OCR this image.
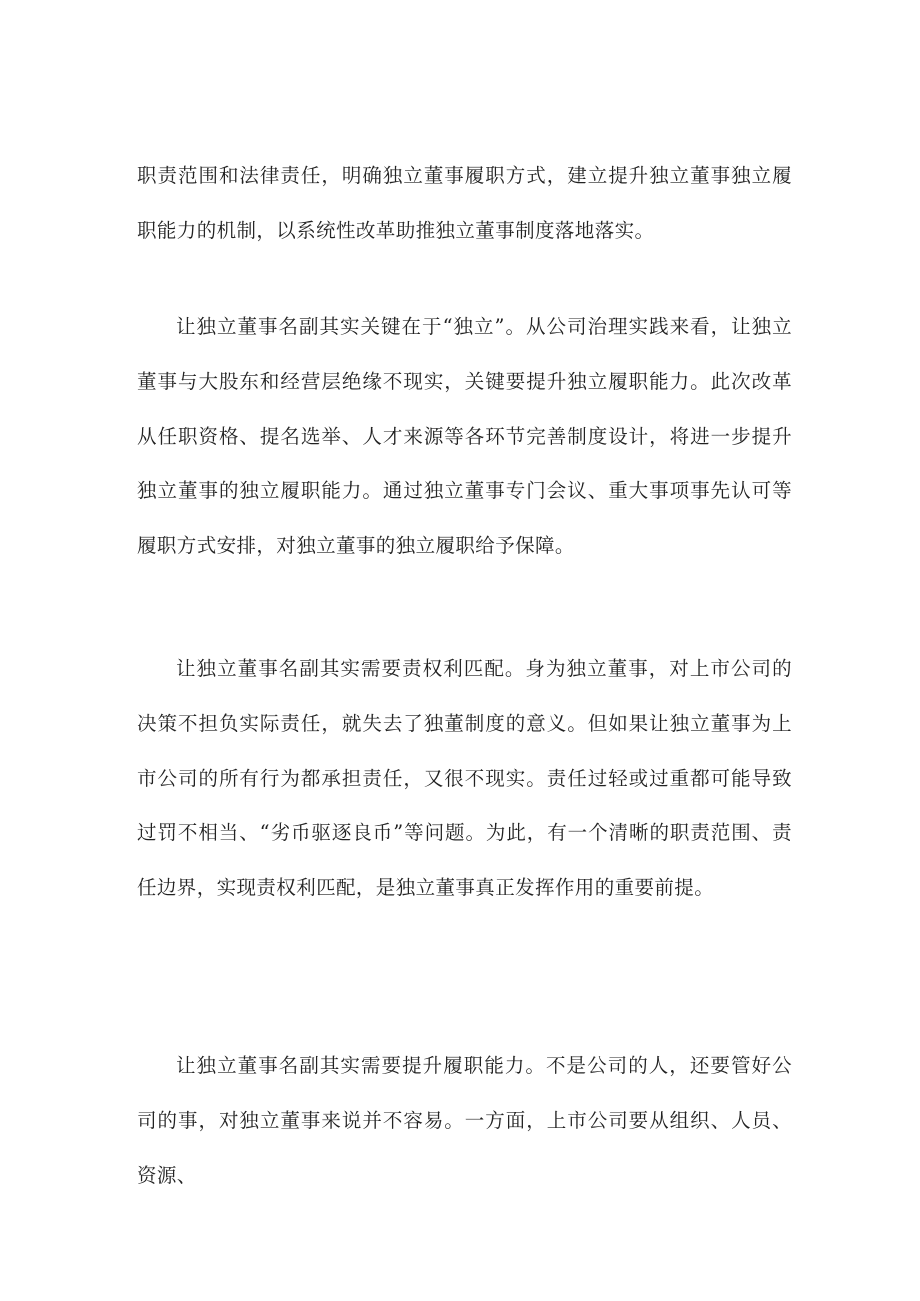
职责范围和法律责任，明确独立董事履职方式，建立提升独立董事独立履职能力的机制，以系统性改革助推独立董事制度落地落实。

让独立董事名副其实关键在于“独立”。从公司治理实践来看，让独立董事与大股东和经营层绝缘不现实，关键要提升独立履职能力。此次改革从任职资格、提名选举、人才来源等各环节完善制度设计，将进一步提升独立董事的独立履职能力。通过独立董事专门会议、重大事项事先认可等履职方式安排，对独立董事的独立履职给予保障。

让独立董事名副其实需要责权利匹配。身为独立董事，对上市公司的决策不担负实际责任，就失去了独董制度的意义。但如果让独立董事为上市公司的所有行为都承担责任，又很不现实。责任过轻或过重都可能导致过罚不相当、“劣币驱逐良币”等问题。为此，有一个清晰的职责范围、责任边界，实现责权利匹配，是独立董事真正发挥作用的重要前提。

让独立董事名副其实需要提升履职能力。不是公司的人，还要管好公司的事，对独立董事来说并不容易。一方面，上市公司要从组织、人员、资源、
